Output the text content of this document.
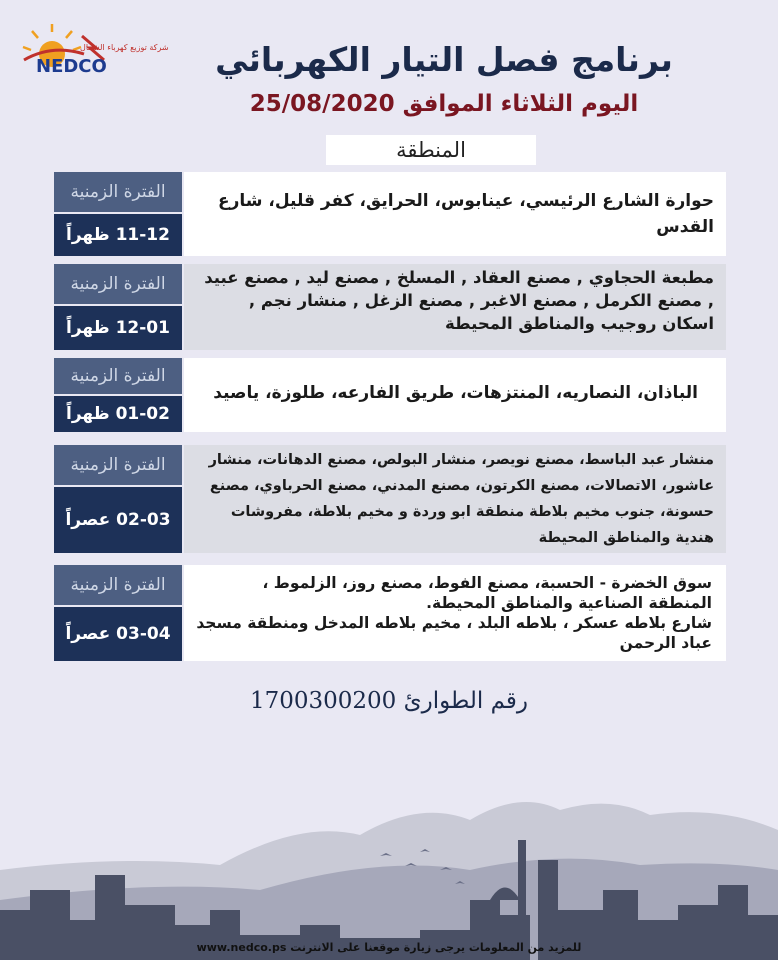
شركة توزيع كهرباء الشمال
NEDCO	برنامج فصل التيار الكهربائي
اليوم الثلاثاء الموافق 25/08/2020
المنطقة
حوارة الشارع الرئيسي، عينابوس، الحرايق، كفر قليل، شارع القدس
الفترة الزمنية
11-12 ظهراً
مطبعة الحجاوي , مصنع العقاد , المسلخ , مصنع ليد , مصنع عبيد , مصنع الكرمل , مصنع الاغبر , مصنع الزغل , منشار نجم , اسكان روجيب والمناطق المحيطة
الفترة الزمنية
12-01 ظهراً
الباذان، النصاريه، المنتزهات، طريق الفارعه، طلوزة، ياصيد
الفترة الزمنية
01-02 ظهراً
منشار عبد الباسط، مصنع نويصر، منشار البولص، مصنع الدهانات، منشار عاشور، الاتصالات، مصنع الكرتون، مصنع المدني، مصنع الحرباوي، مصنع حسونة، جنوب مخيم بلاطة منطقة ابو وردة و مخيم بلاطة، مفروشات هندية والمناطق المحيطة
الفترة الزمنية
02-03 عصراً
سوق الخضرة - الحسبة، مصنع الفوط، مصنع روز، الزلموط ، المنطقة الصناعية والمناطق المحيطة.
شارع بلاطه عسكر ، بلاطه البلد ، مخيم بلاطه المدخل ومنطقة مسجد عباد الرحمن
الفترة الزمنية
03-04 عصراً
رقم الطوارئ 1700300200
www.nedco.ps للمزيد من المعلومات يرجى زيارة موقعنا على الانترنت
